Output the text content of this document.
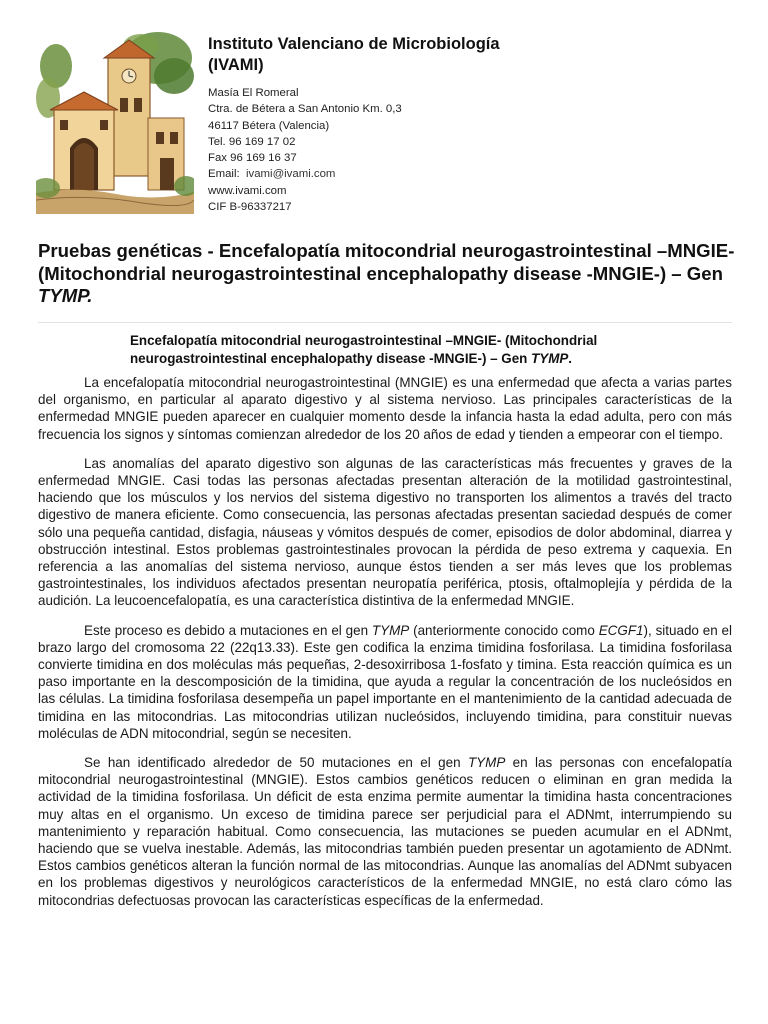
Instituto Valenciano de Microbiología
(IVAMI)
Masía El Romeral
Ctra. de Bétera a San Antonio Km. 0,3
46117 Bétera (Valencia)
Tel. 96 169 17 02
Fax 96 169 16 37
Email: ivami@ivami.com
www.ivami.com
CIF B-96337217
Pruebas genéticas - Encefalopatía mitocondrial neurogastrointestinal –MNGIE- (Mitochondrial neurogastrointestinal encephalopathy disease -MNGIE-) – Gen TYMP.
Encefalopatía mitocondrial neurogastrointestinal –MNGIE- (Mitochondrial neurogastrointestinal encephalopathy disease -MNGIE-) – Gen TYMP.

La encefalopatía mitocondrial neurogastrointestinal (MNGIE) es una enfermedad que afecta a varias partes del organismo, en particular al aparato digestivo y al sistema nervioso. Las principales características de la enfermedad MNGIE pueden aparecer en cualquier momento desde la infancia hasta la edad adulta, pero con más frecuencia los signos y síntomas comienzan alrededor de los 20 años de edad y tienden a empeorar con el tiempo.

Las anomalías del aparato digestivo son algunas de las características más frecuentes y graves de la enfermedad MNGIE. Casi todas las personas afectadas presentan alteración de la motilidad gastrointestinal, haciendo que los músculos y los nervios del sistema digestivo no transporten los alimentos a través del tracto digestivo de manera eficiente. Como consecuencia, las personas afectadas presentan saciedad después de comer sólo una pequeña cantidad, disfagia, náuseas y vómitos después de comer, episodios de dolor abdominal, diarrea y obstrucción intestinal. Estos problemas gastrointestinales provocan la pérdida de peso extrema y caquexia. En referencia a las anomalías del sistema nervioso, aunque éstos tienden a ser más leves que los problemas gastrointestinales, los individuos afectados presentan neuropatía periférica, ptosis, oftalmoplejía y pérdida de la audición. La leucoencefalopatía, es una característica distintiva de la enfermedad MNGIE.

Este proceso es debido a mutaciones en el gen TYMP (anteriormente conocido como ECGF1), situado en el brazo largo del cromosoma 22 (22q13.33). Este gen codifica la enzima timidina fosforilasa. La timidina fosforilasa convierte timidina en dos moléculas más pequeñas, 2-desoxirribosa 1-fosfato y timina. Esta reacción química es un paso importante en la descomposición de la timidina, que ayuda a regular la concentración de los nucleósidos en las células. La timidina fosforilasa desempeña un papel importante en el mantenimiento de la cantidad adecuada de timidina en las mitocondrias. Las mitocondrias utilizan nucleósidos, incluyendo timidina, para constituir nuevas moléculas de ADN mitocondrial, según se necesiten.

Se han identificado alrededor de 50 mutaciones en el gen TYMP en las personas con encefalopatía mitocondrial neurogastrointestinal (MNGIE). Estos cambios genéticos reducen o eliminan en gran medida la actividad de la timidina fosforilasa. Un déficit de esta enzima permite aumentar la timidina hasta concentraciones muy altas en el organismo. Un exceso de timidina parece ser perjudicial para el ADNmt, interrumpiendo su mantenimiento y reparación habitual. Como consecuencia, las mutaciones se pueden acumular en el ADNmt, haciendo que se vuelva inestable. Además, las mitocondrias también pueden presentar un agotamiento de ADNmt. Estos cambios genéticos alteran la función normal de las mitocondrias. Aunque las anomalías del ADNmt subyacen en los problemas digestivos y neurológicos característicos de la enfermedad MNGIE, no está claro cómo las mitocondrias defectuosas provocan las características específicas de la enfermedad.
